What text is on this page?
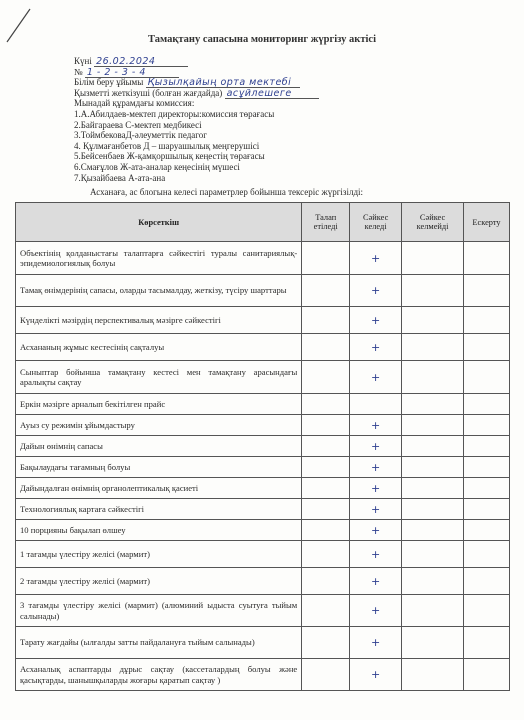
Тамақтану сапасына мониторинг жүргізу актісі
Күні 26.02.2024
№ 1 - 2 - 3 - 4
Білім беру ұйымы Қызылқайың орта мектебі
Қызметті жеткізуші (болған жағдайда) асұйлешеге
Мынадай құрамдағы комиссия:
1.А.Абилдаев-мектеп директоры:комиссия төрағасы
2.Байгарaева С-мектеп медбикесі
3.ТоймбековаД-әлеуметтік педагог
4. Құлмағанбетов Д – шаруашылық меңгерушісі
5.Бейсенбаев Ж-қамқоршылық кеңестің төрағасы
6.Смағұлов Ж-ата-аналар кеңесінің мүшесі
7.Қызайбаева А-ата-ана
Асханаға, ас блогына келесі параметрлер бойынша тексеріс жүргізілді:
Көрсеткіш	Талап етіледі	Сәйкес келеді	Сәйкес келмейді	Ескерту
Объектінің қолданыстағы талаптарға сәйкестігі туралы санитариялық-эпидемиологиялық болуы		+		
Тамақ өнімдерінің сапасы, оларды тасымалдау, жеткізу, түсіру шарттары		+		
Күнделікті мәзірдің перспективалық мәзірге сәйкестігі		+		
Асхананың жұмыс кестесінің сақталуы		+		
Сыныптар бойынша тамақтану кестесі мен тамақтану арасындағы аралықты сақтау		+		
Еркін мәзірге арналып бекітілген прайс				
Ауыз су режимін ұйымдастыру		+		
Дайын өнімнің сапасы		+		
Бақылаудағы тағамның болуы		+		
Дайындалған өнімнің органолептикалық қасиеті		+		
Технологиялық картаға сәйкестігі		+		
10 порцияны бақылап өлшеу		+		
1 тағамды үлестіру желісі (мармит)		+		
2 тағамды үлестіру желісі (мармит)		+		
3 тағамды үлестіру желісі (мармит) (алюминий ыдыста суытуға тыйым салынады)		+		
Тарату жағдайы (ылғалды затты пайдалануға тыйым салынады)		+		
Асханалық аспаптарды дұрыс сақтау (кассеталардың болуы және қасықтарды, шанышқыларды жоғары қаратып сақтау )		+		
